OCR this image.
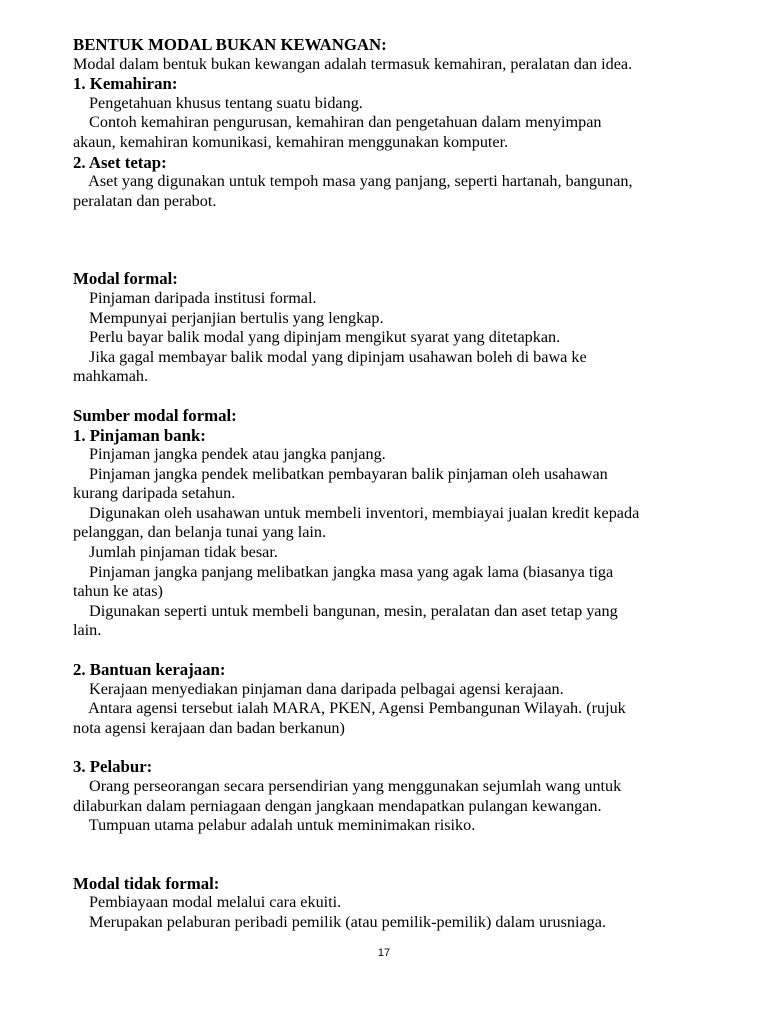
BENTUK MODAL BUKAN KEWANGAN:
Modal dalam bentuk bukan kewangan adalah termasuk kemahiran, peralatan dan idea.
1. Kemahiran:
Pengetahuan khusus tentang suatu bidang.
Contoh kemahiran pengurusan, kemahiran dan pengetahuan dalam menyimpan
akaun, kemahiran komunikasi, kemahiran menggunakan komputer.
2. Aset tetap:
Aset yang digunakan untuk tempoh masa yang panjang, seperti hartanah, bangunan,
peralatan dan perabot.
Modal formal:
Pinjaman daripada institusi formal.
Mempunyai perjanjian bertulis yang lengkap.
Perlu bayar balik modal yang dipinjam mengikut syarat yang ditetapkan.
Jika gagal membayar balik modal yang dipinjam usahawan boleh di bawa ke
mahkamah.
Sumber modal formal:
1. Pinjaman bank:
Pinjaman jangka pendek atau jangka panjang.
Pinjaman jangka pendek melibatkan pembayaran balik pinjaman oleh usahawan
kurang daripada setahun.
Digunakan oleh usahawan untuk membeli inventori, membiayai jualan kredit kepada
pelanggan, dan belanja tunai yang lain.
Jumlah pinjaman tidak besar.
Pinjaman jangka panjang melibatkan jangka masa yang agak lama (biasanya tiga
tahun ke atas)
Digunakan seperti untuk membeli bangunan, mesin, peralatan dan aset tetap yang
lain.
2. Bantuan kerajaan:
Kerajaan menyediakan pinjaman dana daripada pelbagai agensi kerajaan.
Antara agensi tersebut ialah MARA, PKEN, Agensi Pembangunan Wilayah. (rujuk
nota agensi kerajaan dan badan berkanun)
3. Pelabur:
Orang perseorangan secara persendirian yang menggunakan sejumlah wang untuk
dilaburkan dalam perniagaan dengan jangkaan mendapatkan pulangan kewangan.
Tumpuan utama pelabur adalah untuk meminimakan risiko.
Modal tidak formal:
Pembiayaan modal melalui cara ekuiti.
Merupakan pelaburan peribadi pemilik (atau pemilik-pemilik) dalam urusniaga.
17
